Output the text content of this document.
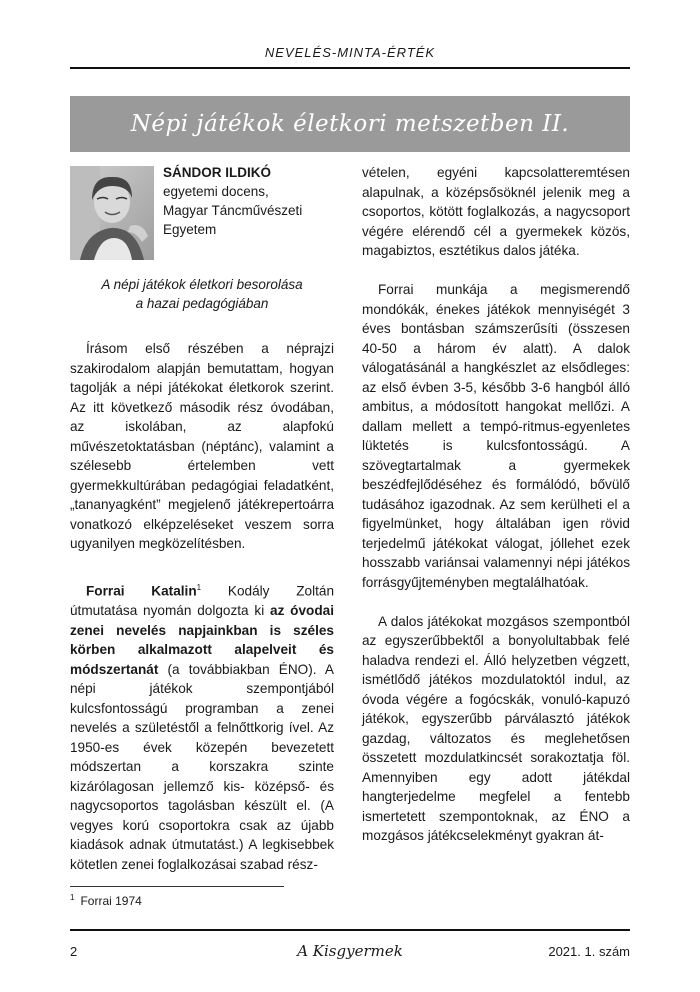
NEVELÉS-MINTA-ÉRTÉK
Népi játékok életkori metszetben II.
SÁNDOR ILDIKÓ
egyetemi docens,
Magyar Táncművészeti
Egyetem
A népi játékok életkori besorolása
a hazai pedagógiában

Írásom első részében a néprajzi szakirodalom alapján bemutattam, hogyan tagolják a népi játékokat életkorok szerint. Az itt következő második rész óvodában, az iskolában, az alapfokú művészetoktatásban (néptánc), valamint a szélesebb értelemben vett gyermekkultúrában pedagógiai feladatként, „tananyagként” megjelenő játékrepertoárra vonatkozó elképzeléseket veszem sorra ugyanilyen megközelítésben.

Forrai Katalin$^1$ Kodály Zoltán útmutatása nyomán dolgozta ki az óvodai zenei nevelés napjainkban is széles körben alkalmazott alapelveit és módszertanát (a továbbiakban ÉNO). A népi játékok szempontjából kulcsfontosságú programban a zenei nevelés a születéstől a felnőttkorig ível. Az 1950-es évek közepén bevezetett módszertan a korszakra szinte kizárólagosan jellemző kis- középső- és nagycsoportos tagolásban készült el. (A vegyes korú csoportokra csak az újabb kiadások adnak útmutatást.) A legkisebbek kötetlen zenei foglalkozásai szabad rész-

vételen, egyéni kapcsolatteremtésen alapulnak, a középsősöknél jelenik meg a csoportos, kötött foglalkozás, a nagycsoport végére elérendő cél a gyermekek közös, magabiztos, esztétikus dalos játéka.

Forrai munkája a megismerendő mondókák, énekes játékok mennyiségét 3 éves bontásban számszerűsíti (összesen 40-50 a három év alatt). A dalok válogatásánál a hangkészlet az elsődleges: az első évben 3-5, később 3-6 hangból álló ambitus, a módosított hangokat mellőzi. A dallam mellett a tempó-ritmus-egyenletes lüktetés is kulcsfontosságú. A szövegtartalmak a gyermekek beszédfejlődéséhez és formálódó, bővülő tudásához igazodnak. Az sem kerülheti el a figyelmünket, hogy általában igen rövid terjedelmű játékokat válogat, jóllehet ezek hosszabb variánsai valamennyi népi játékos forrásgyűjteményben megtalálhatóak.

A dalos játékokat mozgásos szempontból az egyszerűbbektől a bonyolultabbak felé haladva rendezi el. Álló helyzetben végzett, ismétlődő játékos mozdulatoktól indul, az óvoda végére a fogócskák, vonuló-kapuzó játékok, egyszerűbb párválasztó játékok gazdag, változatos és meglehetősen összetett mozdulatkincsét sorakoztatja föl. Amennyiben egy adott játékdal hangterjedelme megfelel a fentebb ismertetett szempontoknak, az ÉNO a mozgásos játékcselekményt gyakran át-

$^1$ Forrai 1974
2	A Kisgyermek	2021. 1. szám
